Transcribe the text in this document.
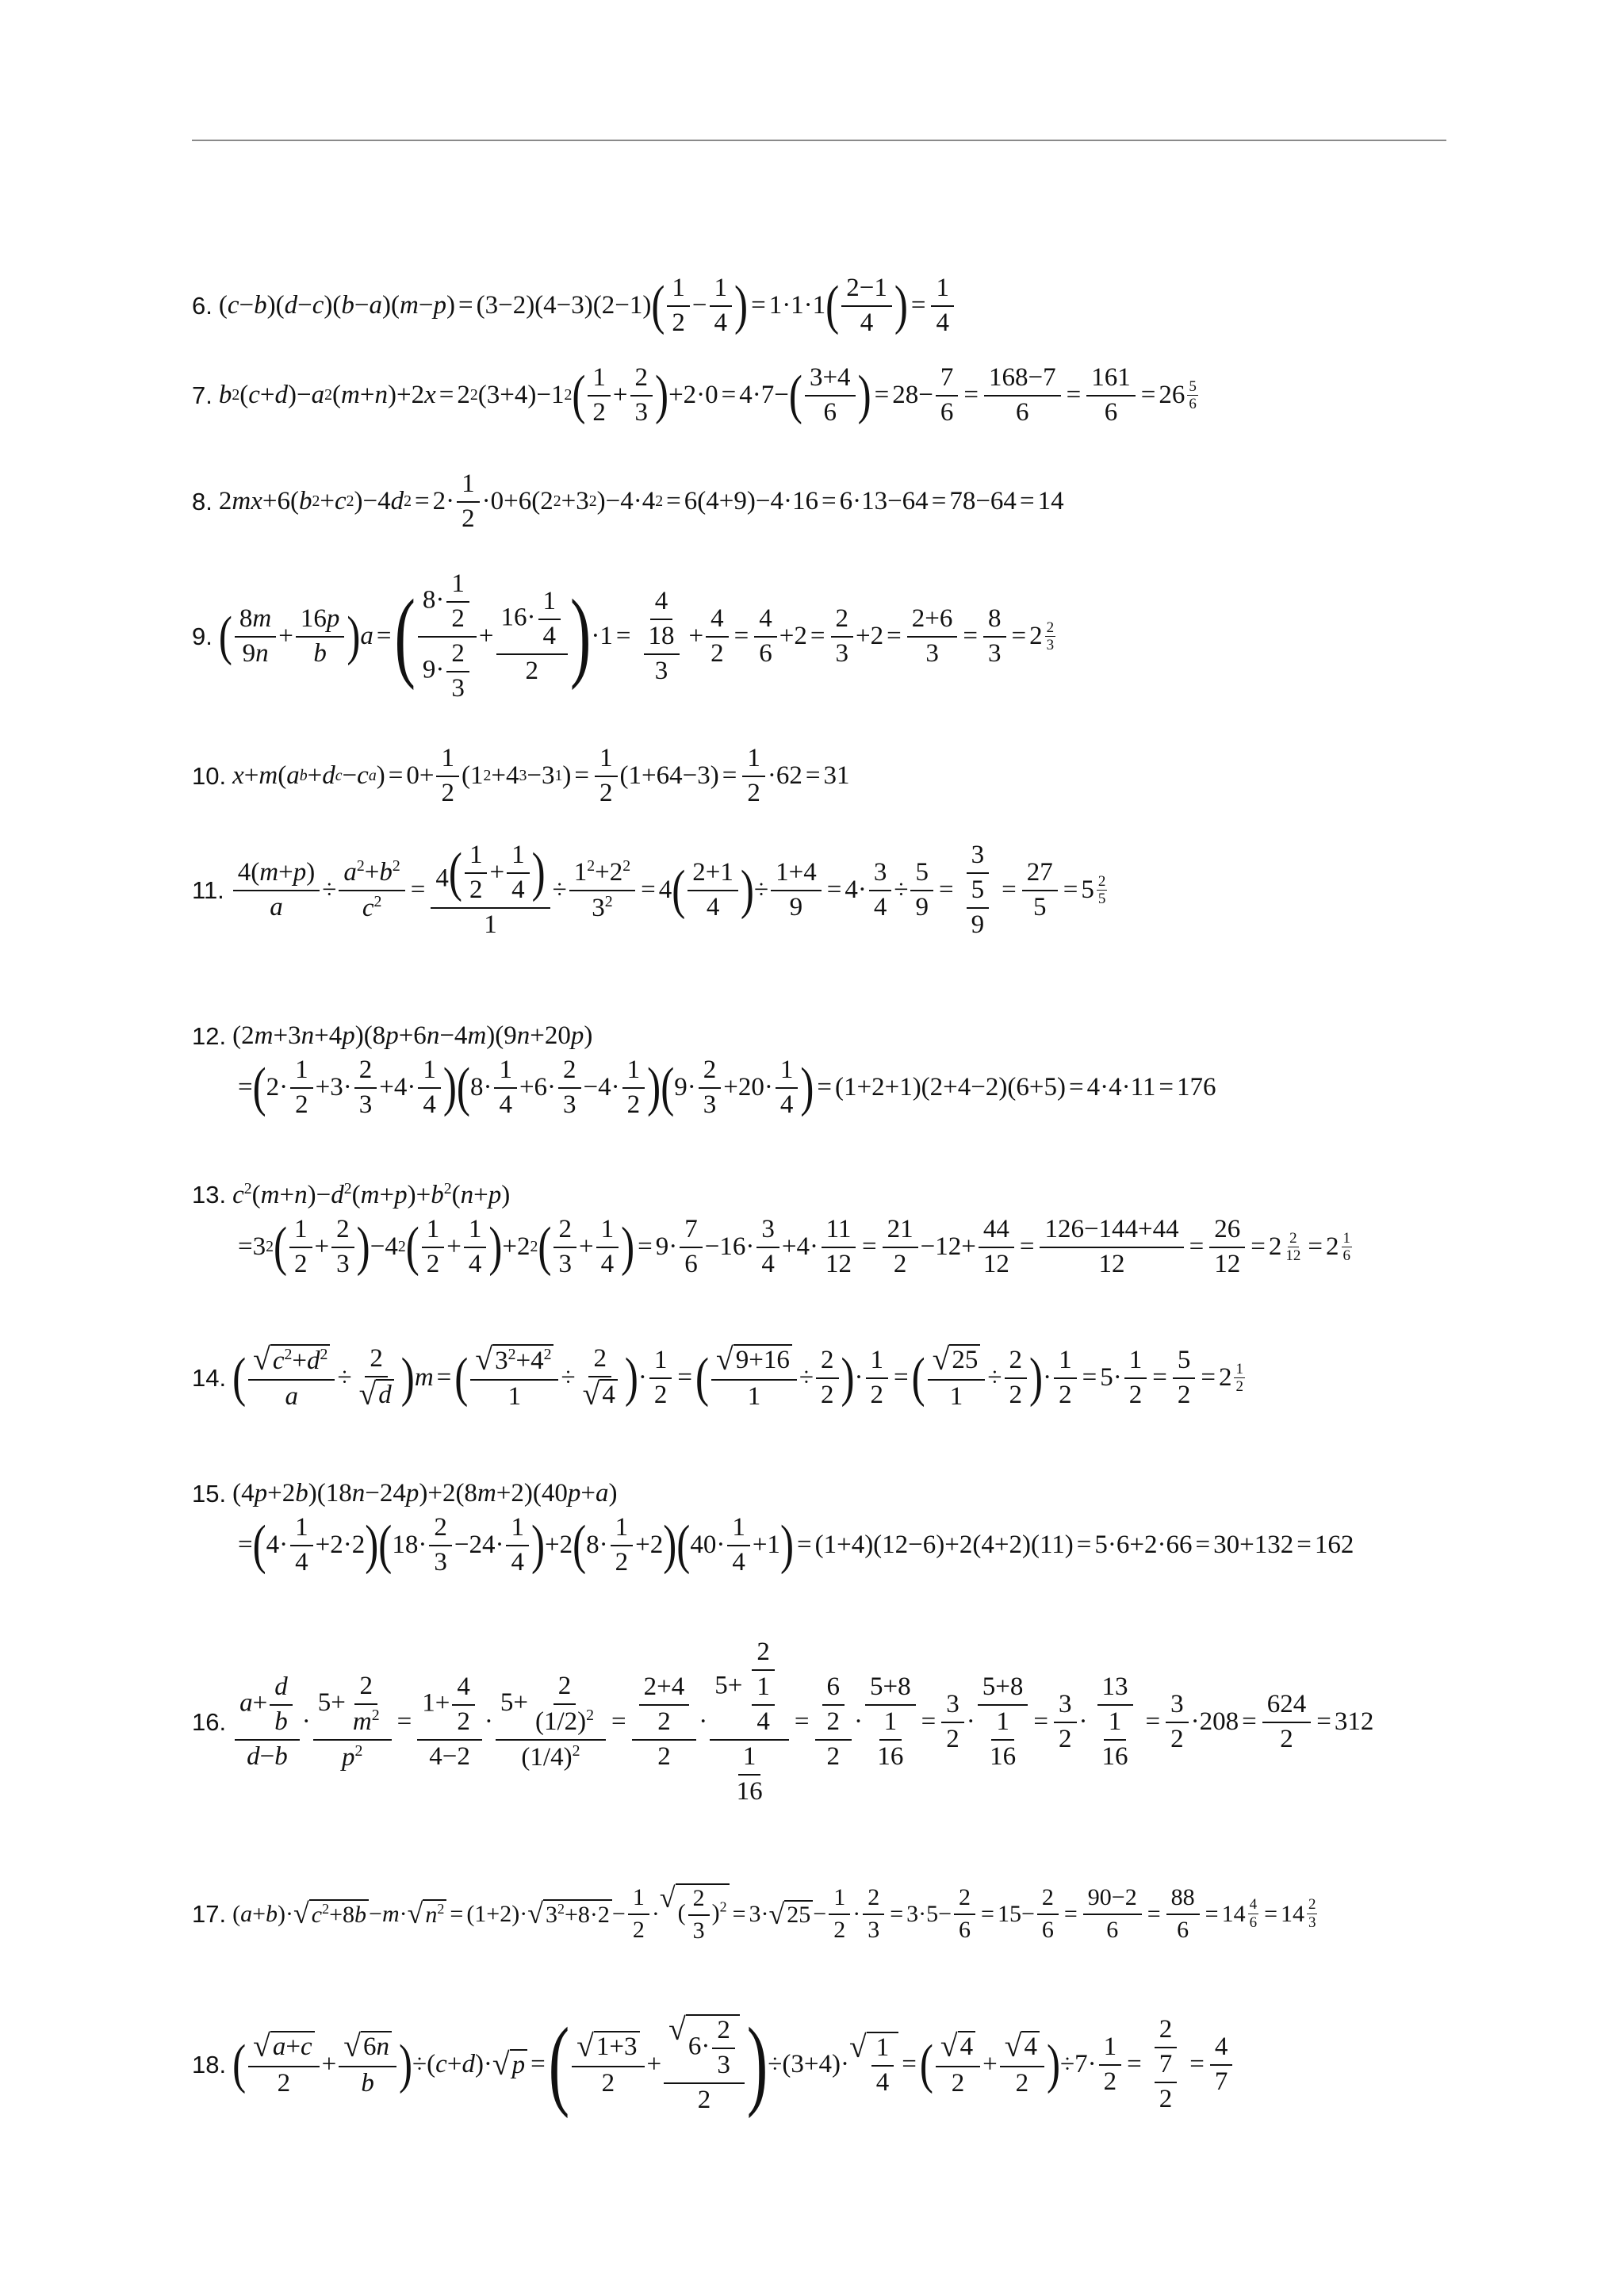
6. ( c − b )( d − c )( b − a )( m − p ) = (3−2)(4−3)(2−1) ( $\frac{1}{2} - \frac{1}{4}$ ) = 1·1·1 ( $\frac{2-1}{4}$ ) = $\frac{1}{4}$
7. b 2 ( c + d )− a 2 ( m + n )+2 x = 2 2 (3+4)−1 2 ( $\frac{1}{2} + \frac{2}{3}$ ) +2·0 = 4·7− ( $\frac{3+4}{6}$ ) = $28- \frac{7}{6} = \frac{168-7}{6} = \frac{161}{6} = 26 \frac{5}{6}$
8. 2 mx +6( b 2 + c 2 )−4 d $2 = 2\cdot \frac{1}{2} \cdot 0+6(2$ 2 +3 2 )−4·4 2 = 6(4+9)−4·16 = 6·13−64 = 78−64 = 14
9. ( $\frac{8m}{9n} + \frac{16p}{b}$ ) a = ( $\frac{8\cdot \frac{1}{2}}{9\cdot \frac{2}{3}} + \frac{16\cdot \frac{1}{4}}{2}$ ) $\cdot 1 = \frac{4}{\frac{18}{3}} + \frac{4}{2} = \frac{4}{6} +2 = \frac{2}{3} +2 = \frac{2+6}{3} = \frac{8}{3} = 2 \frac{2}{3}$
10. x + m ( a b + d c − c a ) = $0+ \frac{1}{2} (1$ 2 +4 3 −3 1 ) = $\frac{1}{2} (1+64-3) = \frac{1}{2} \cdot 62 = 31$
11. $\frac{4(m+p)}{a} \div \frac{a^2+b^2}{c^2} = \frac{4 ( \frac{1}{2} + \frac{1}{4} )}{1} \div \frac{1^2+2^2}{3^2} = 4$ ( $\frac{2+1}{4}$ ) ÷ $\frac{1+4}{9} = 4\cdot \frac{3}{4} \div \frac{5}{9} = \frac{3}{\frac{5}{9}} = \frac{27}{5} = 5 \frac{2}{5}$
12. (2m+3n+4p)(8p+6n−4m)(9n+20p)
= ( $2\cdot \frac{1}{2} +3\cdot \frac{2}{3} +4\cdot \frac{1}{4}$ ) ( $8\cdot \frac{1}{4} +6\cdot \frac{2}{3} -4\cdot \frac{1}{2}$ ) ( $9\cdot \frac{2}{3} +20\cdot \frac{1}{4}$ ) = (1+2+1)(2+4−2)(6+5) = 4·4·11 = 176
13. $c^2(m+n)-d^2(m+p)+b^2(n+p)$
=3 2 ( $\frac{1}{2} + \frac{2}{3}$ ) −4 2 ( $\frac{1}{2} + \frac{1}{4}$ ) +2 2 ( $\frac{2}{3} + \frac{1}{4}$ ) = $9\cdot \frac{7}{6} -16\cdot \frac{3}{4} +4\cdot \frac{11}{12} = \frac{21}{2} -12+ \frac{44}{12} = \frac{126-144+44}{12} = \frac{26}{12} = 2 \frac{2}{12} = 2 \frac{1}{6}$
14. ( $\frac{√ c^2+d^2}{a} \div \frac{2}{√ d}$ ) m = ( $\frac{√ 3^2+4^2}{1} \div \frac{2}{√ 4}$ ) · $\frac{1}{2}$ = ( $\frac{√ 9+16}{1} \div \frac{2}{2}$ ) · $\frac{1}{2}$ = ( $\frac{√ 25}{1} \div \frac{2}{2}$ ) · $\frac{1}{2} = 5\cdot \frac{1}{2} = \frac{5}{2} = 2 \frac{1}{2}$
15. (4p+2b)(18n−24p)+2(8m+2)(40p+a)
= ( $4\cdot \frac{1}{4} +2\cdot 2$ ) ( $18\cdot \frac{2}{3} -24\cdot \frac{1}{4}$ ) +2 ( $8\cdot \frac{1}{2} +2$ ) ( $40\cdot \frac{1}{4} +1$ ) = (1+4)(12−6)+2(4+2)(11) = 5·6+2·66 = 30+132 = 162
16. $\frac{a+ \frac{d}{b}}{d-b} \cdot \frac{5+ \frac{2}{m^2}}{p^2} = \frac{1+ \frac{4}{2}}{4-2} \cdot \frac{5+ \frac{2}{(1/2)^2}}{(1/4)^2} = \frac{\frac{2+4}{2}}{2} \cdot \frac{5+ \frac{2}{\frac{1}{4}}}{\frac{1}{16}} = \frac{\frac{6}{2}}{2} \cdot \frac{5+8}{\frac{1}{16}} = \frac{3}{2} \cdot \frac{5+8}{\frac{1}{16}} = \frac{3}{2} \cdot \frac{13}{\frac{1}{16}} = \frac{3}{2} \cdot 208 = \frac{624}{2} = 312$
17. ( a + b )· √ $c^2+8b - m$ · √ $n^2 = (1+2)\cdot$ √ $3^2+8\cdot 2 - \frac{1}{2}$ · √ ( $\frac{2}{3} )^2 = 3\cdot$ √ $25 - \frac{1}{2} \cdot \frac{2}{3} = 3\cdot 5- \frac{2}{6} = 15- \frac{2}{6} = \frac{90-2}{6} = \frac{88}{6} = 14 \frac{4}{6} = 14 \frac{2}{3}$
18. ( $\frac{√ a+c}{2} + \frac{√ 6n}{b}$ ) ÷( c + d )· √ p = ( $\frac{√ 1+3}{2} + \frac{√ 6\cdot \frac{2}{3}}{2}$ ) ÷(3+4)·
√ $\frac{1}{4}$ = ( $\frac{√ 4}{2} + \frac{√ 4}{2}$ ) $\div 7\cdot \frac{1}{2} = \frac{2}{\frac{7}{2}} = \frac{4}{7}$
